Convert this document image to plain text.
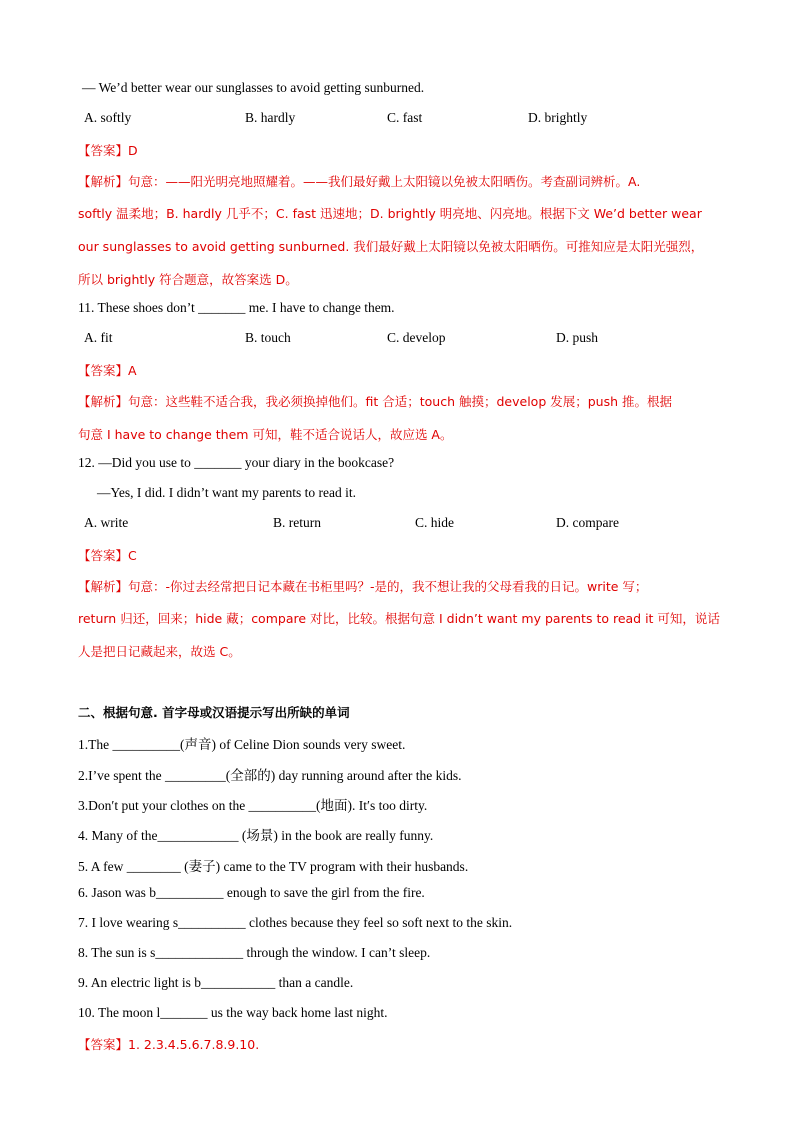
— We’d better wear our sunglasses to avoid getting sunburned.
A. softly	B. hardly	C. fast	D. brightly
【答案】D
【解析】句意：——阳光明亮地照耀着。——我们最好戴上太阳镜以免被太阳晒伤。考查副词辨析。A.
softly 温柔地；B. hardly 几乎不；C. fast 迅速地；D. brightly 明亮地、闪亮地。根据下文 We’d better wear
our sunglasses to avoid getting sunburned. 我们最好戴上太阳镜以免被太阳晒伤。可推知应是太阳光强烈，
所以 brightly 符合题意，故答案选 D。
11. These shoes don’t _______ me. I have to change them.
A. fit	B. touch	C. develop	D. push
【答案】A
【解析】句意：这些鞋不适合我，我必须换掉他们。fit 合适；touch 触摸；develop 发展；push 推。根据
句意 I have to change them 可知，鞋不适合说话人，故应选 A。
12. —Did you use to _______ your diary in the bookcase?
—Yes, I did. I didn’t want my parents to read it.
A. write	B. return	C. hide	D. compare
【答案】C
【解析】句意：-你过去经常把日记本藏在书柜里吗？-是的，我不想让我的父母看我的日记。write 写；
return 归还，回来；hide 藏；compare 对比，比较。根据句意 I didn’t want my parents to read it 可知，说话
人是把日记藏起来，故选 C。
二、根据句意. 首字母或汉语提示写出所缺的单词
1.The __________(声音) of Celine Dion sounds very sweet.
2.I’ve spent the _________(全部的) day running around after the kids.
3.Don′t put your clothes on the __________(地面). It′s too dirty.
4. Many of the____________ (场景) in the book are really funny.
5. A few ________ (妻子) came to the TV program with their husbands.
6. Jason was b__________ enough to save the girl from the fire.
7. I love wearing s__________ clothes because they feel so soft next to the skin.
8. The sun is s_____________ through the window. I can’t sleep.
9. An electric light is b___________ than a candle.
10. The moon l_______ us the way back home last night.
【答案】1. 2.3.4.5.6.7.8.9.10.
